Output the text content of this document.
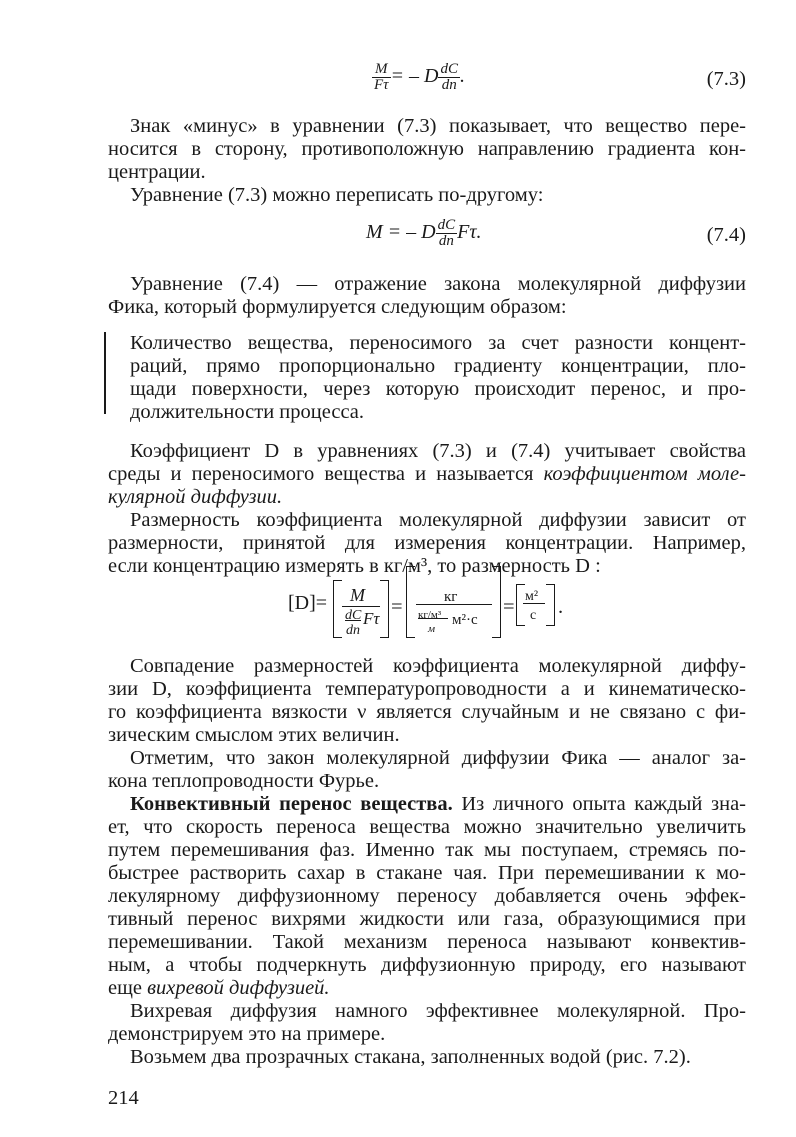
$\frac{M}{F\tau}$ = – D $\frac{dC}{dn}$ .	(7.3)
Знак «минус» в уравнении (7.3) показывает, что вещество пере-
носится в сторону, противоположную направлению градиента кон-
центрации.
Уравнение (7.3) можно переписать по-другому:
M = – D $\frac{dC}{dn} F\tau$.	(7.4)
Уравнение (7.4) — отражение закона молекулярной диффузии
Фика, который формулируется следующим образом:
Количество вещества, переносимого за счет разности концент-
раций, прямо пропорционально градиенту концентрации, пло-
щади поверхности, через которую происходит перенос, и про-
должительности процесса.
Коэффициент D в уравнениях (7.3) и (7.4) учитывает свойства
среды и переносимого вещества и называется коэффициентом моле-
кулярной диффузии.
Размерность коэффициента молекулярной диффузии зависит от
размерности, принятой для измерения концентрации. Например,
если концентрацию измерять в кг/м³, то размерность D :
[D]= M
dC
dn
Fτ
=	кг
кг/м³
м
м²·с
= м²
с .
Совпадение размерностей коэффициента молекулярной диффу-
зии D, коэффициента температуропроводности a и кинематическо-
го коэффициента вязкости ν является случайным и не связано с фи-
зическим смыслом этих величин.
Отметим, что закон молекулярной диффузии Фика — аналог за-
кона теплопроводности Фурье.
Конвективный перенос вещества. Из личного опыта каждый зна-
ет, что скорость переноса вещества можно значительно увеличить
путем перемешивания фаз. Именно так мы поступаем, стремясь по-
быстрее растворить сахар в стакане чая. При перемешивании к мо-
лекулярному диффузионному переносу добавляется очень эффек-
тивный перенос вихрями жидкости или газа, образующимися при
перемешивании. Такой механизм переноса называют конвектив-
ным, а чтобы подчеркнуть диффузионную природу, его называют
еще вихревой диффузией.
Вихревая диффузия намного эффективнее молекулярной. Про-
демонстрируем это на примере.
Возьмем два прозрачных стакана, заполненных водой (рис. 7.2).
214
